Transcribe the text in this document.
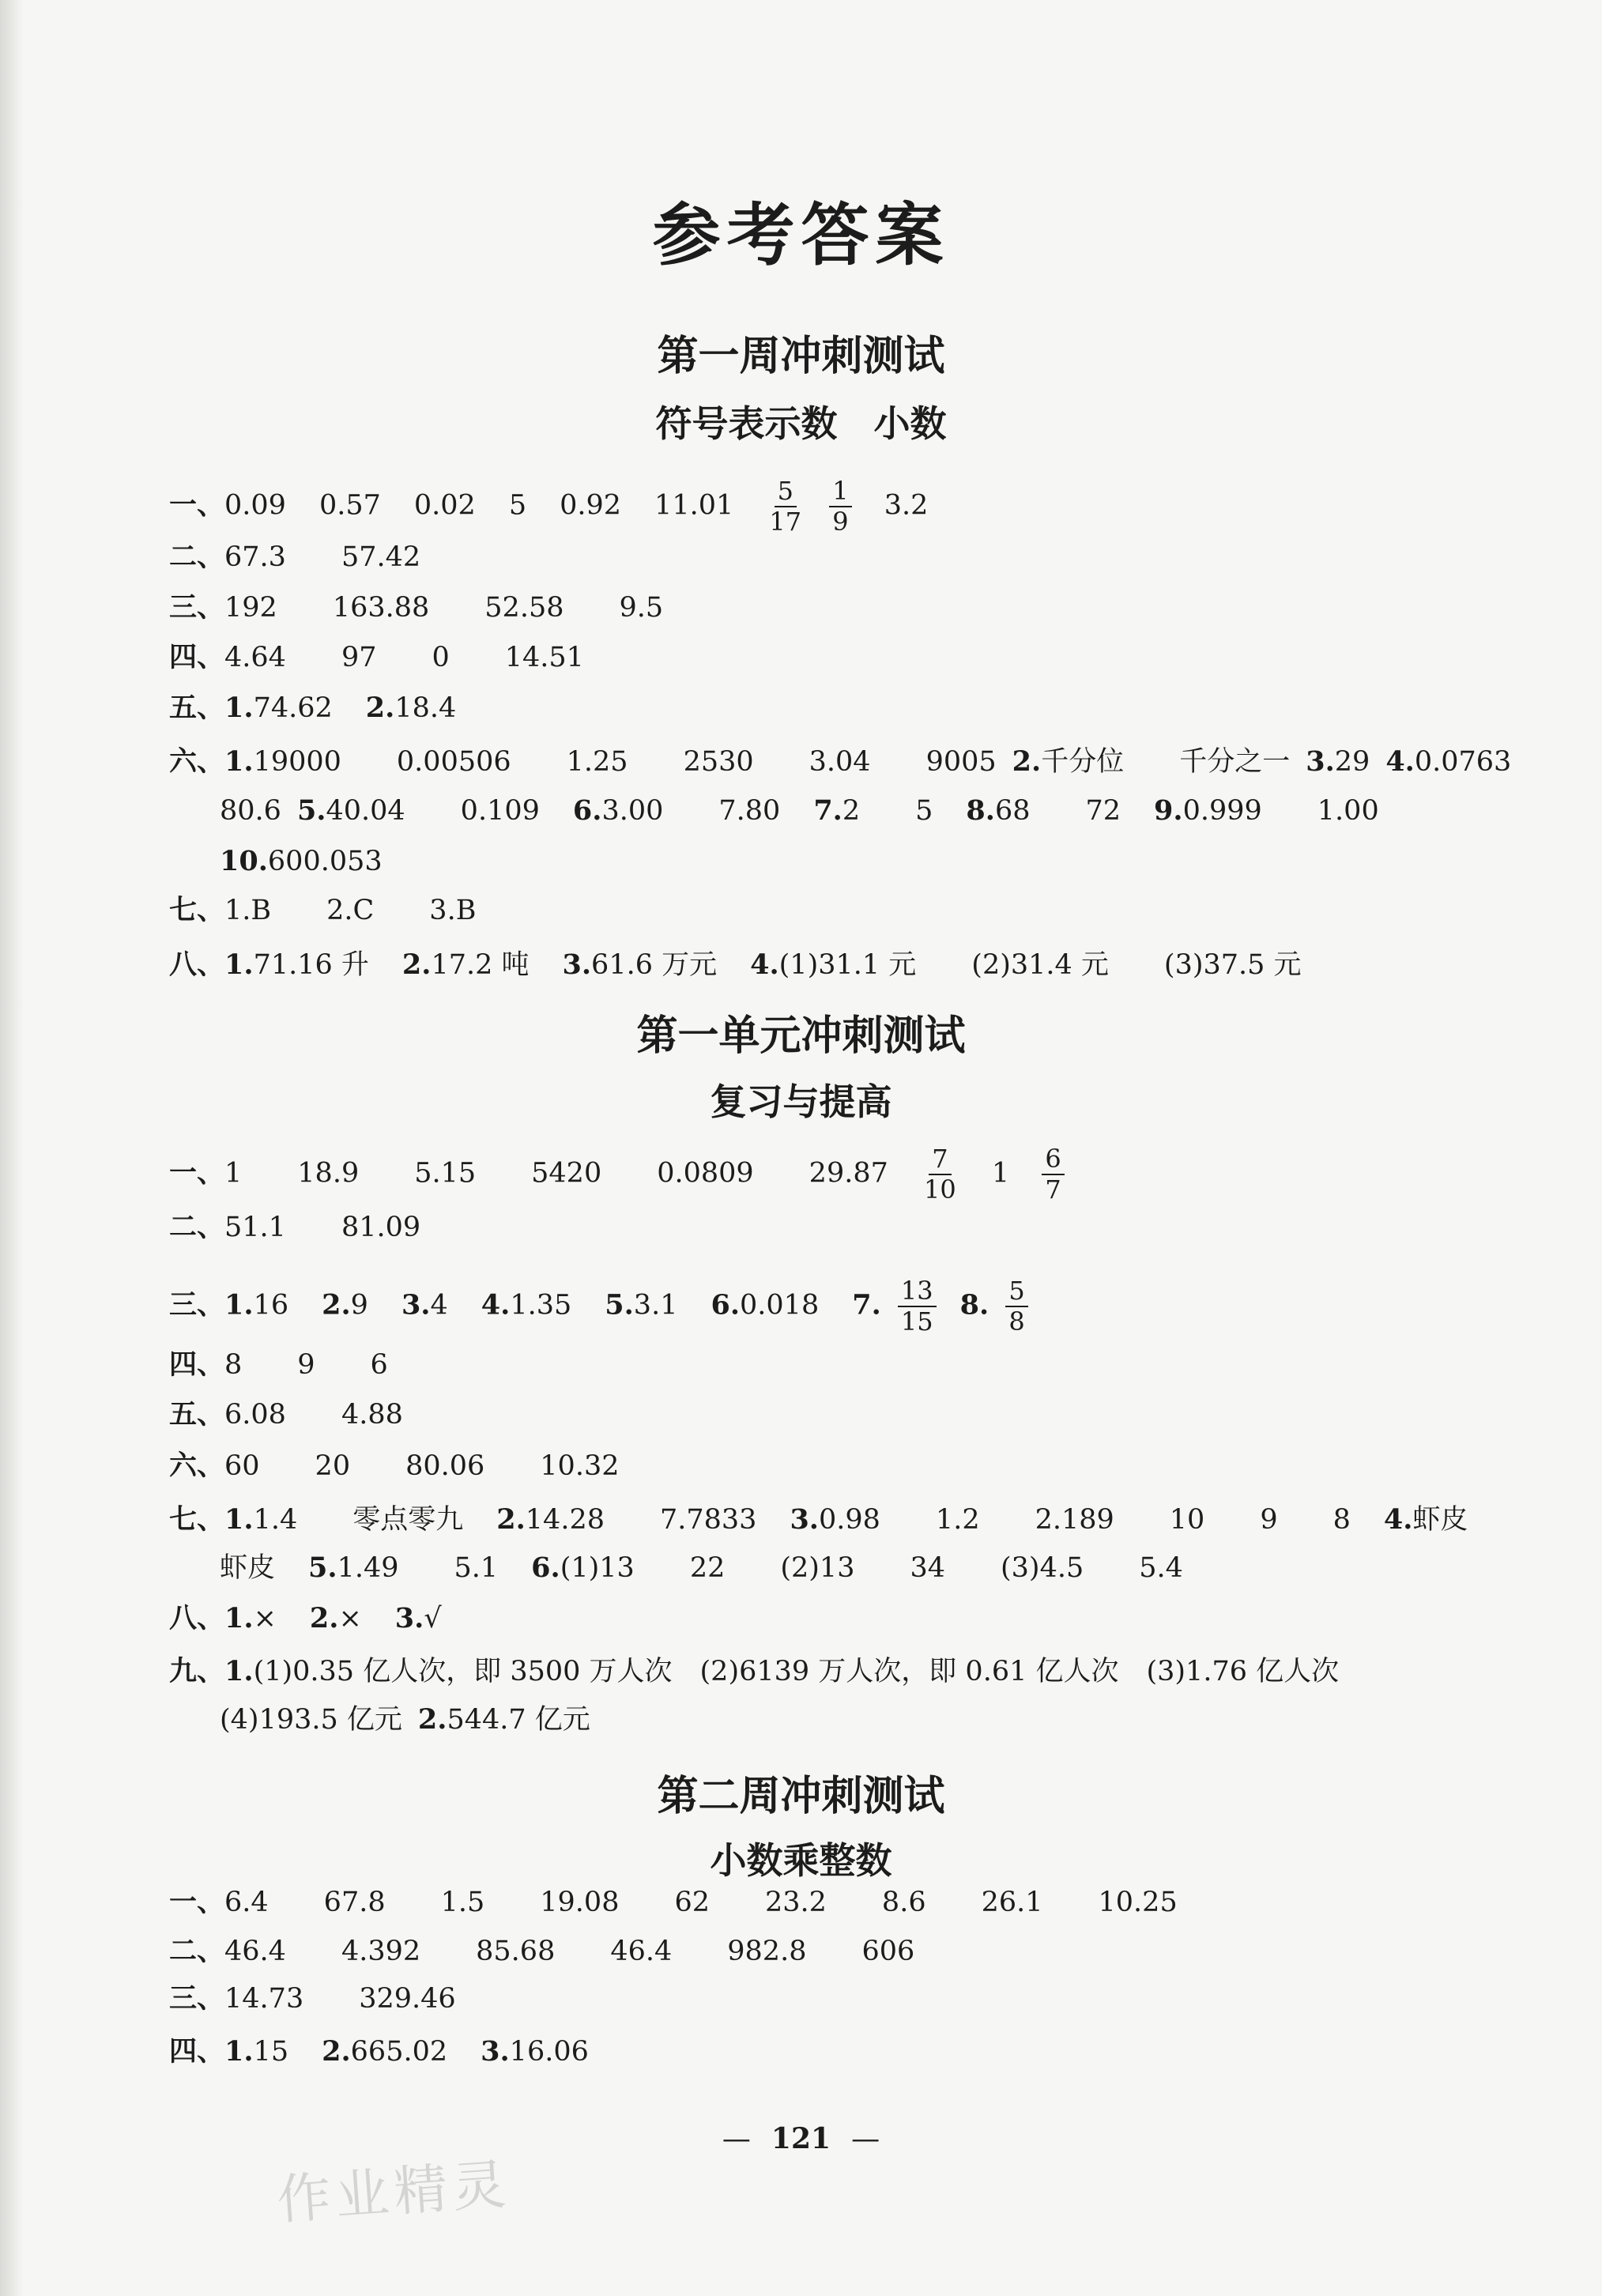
参考答案
第一周冲刺测试
符号表示数　小数
一、0.09 0.57 0.02 5 0.92 $11.01 \frac{5}{17}$
$\frac{1}{9} 3.2$
二、67.3　　57.42
三、192　　163.88　　52.58　　9.5
四、4.64　　97　　0　　14.51
五、1.74.62 2.18.4
六、1.19000　　0.00506　　1.25　　2530　　3.04　　9005 2.千分位　　千分之一 3.29 4.0.0763
80.6 5.40.04　　0.109 6.3.00　　7.80 7.2　　5 8.68　　72 9.0.999　　1.00
10.600.053
七、1.B　　2.C　　3.B
八、1.71.16 升 2.17.2 吨 3.61.6 万元 4.(1)31.1 元　　(2)31.4 元　　(3)37.5 元
第一单元冲刺测试
复习与提高
一、1　　18.9　　5.15　　5420　　0.0809　　$29.87 \frac{7}{10} 1 \frac{6}{7}$
二、51.1　　81.09
三、1.16 2.9 3.4 4.1.35 5.3.1 6.0.018 7. $\frac{13}{15} 8$. $\frac{5}{8}$
四、8　　9　　6
五、6.08　　4.88
六、60　　20　　80.06　　10.32
七、1.1.4　　零点零九 2.14.28　　7.7833 3.0.98　　1.2　　2.189　　10　　9　　8 4.虾皮
虾皮 5.1.49　　5.1 6.(1)13　　22　　(2)13　　34　　(3)4.5　　5.4
八、1.× 2.× 3.√
九、1.(1)0.35 亿人次，即 3500 万人次　(2)6139 万人次，即 0.61 亿人次　(3)1.76 亿人次
(4)193.5 亿元 2.544.7 亿元
第二周冲刺测试
小数乘整数
一、6.4　　67.8　　1.5　　19.08　　62　　23.2　　8.6　　26.1　　10.25
二、46.4　　4.392　　85.68　　46.4　　982.8　　606
三、14.73　　329.46
四、1.15 2.665.02 3.16.06
— 121 —
作业精灵
